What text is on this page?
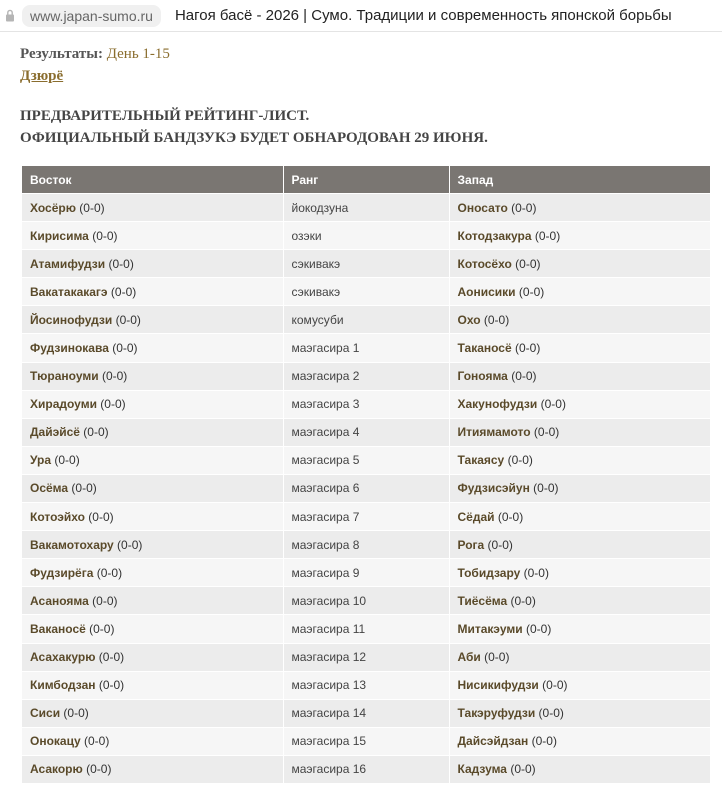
www.japan-sumo.ru	Нагоя басё - 2026 | Сумо. Традиции и современность японской борьбы
Результаты: День 1-15
Дзюрё
ПРЕДВАРИТЕЛЬНЫЙ РЕЙТИНГ-ЛИСТ.
ОФИЦИАЛЬНЫЙ БАНДЗУКЭ БУДЕТ ОБНАРОДОВАН 29 ИЮНЯ.
Восток	Ранг	Запад
Хосёрю (0-0)	йокодзуна	Оносато (0-0)
Кирисима (0-0)	озэки	Котодзакура (0-0)
Атамифудзи (0-0)	сэкивакэ	Котосёхо (0-0)
Вакатакакагэ (0-0)	сэкивакэ	Аонисики (0-0)
Йосинофудзи (0-0)	комусуби	Охо (0-0)
Фудзинокава (0-0)	маэгасира 1	Таканосё (0-0)
Тюраноуми (0-0)	маэгасира 2	Гонояма (0-0)
Хирадоуми (0-0)	маэгасира 3	Хакунофудзи (0-0)
Дайэйсё (0-0)	маэгасира 4	Итиямамото (0-0)
Ура (0-0)	маэгасира 5	Такаясу (0-0)
Осёма (0-0)	маэгасира 6	Фудзисэйун (0-0)
Котоэйхо (0-0)	маэгасира 7	Сёдай (0-0)
Вакамотохару (0-0)	маэгасира 8	Рога (0-0)
Фудзирёга (0-0)	маэгасира 9	Тобидзару (0-0)
Асанояма (0-0)	маэгасира 10	Тиёсёма (0-0)
Ваканосё (0-0)	маэгасира 11	Митакэуми (0-0)
Асахакурю (0-0)	маэгасира 12	Аби (0-0)
Кимбодзан (0-0)	маэгасира 13	Нисикифудзи (0-0)
Сиси (0-0)	маэгасира 14	Такэруфудзи (0-0)
Онокацу (0-0)	маэгасира 15	Дайсэйдзан (0-0)
Асакорю (0-0)	маэгасира 16	Кадзума (0-0)
